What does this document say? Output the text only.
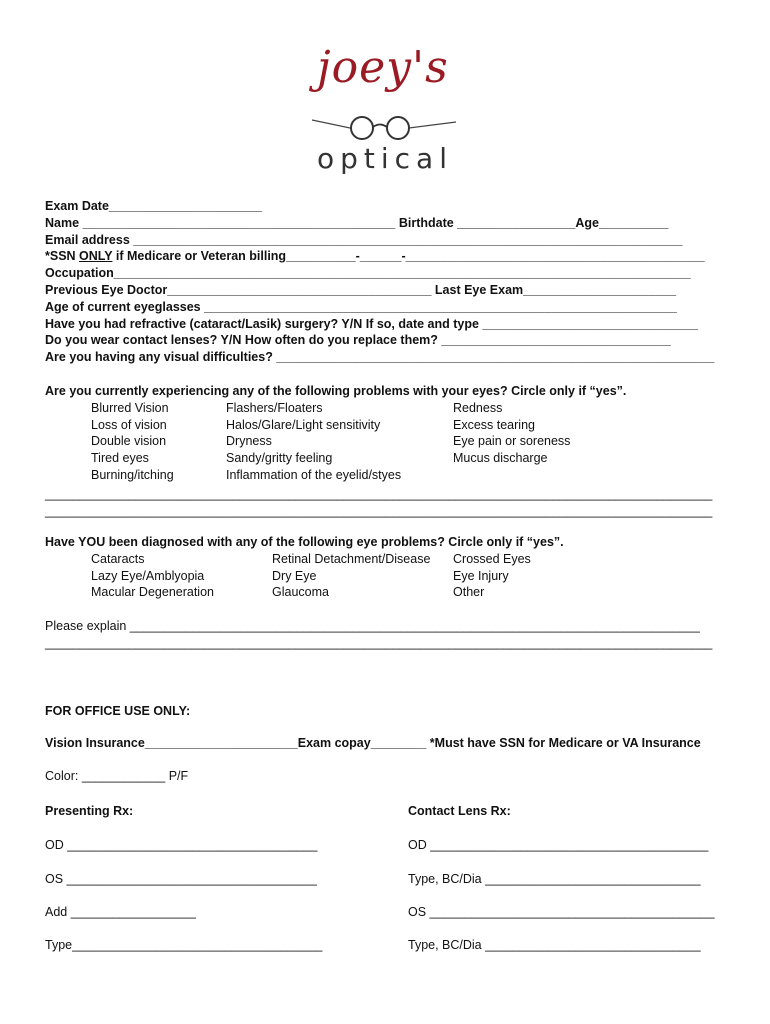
joey's
optical
Exam Date______________________
Name _____________________________________________ Birthdate _________________Age__________
Email address _______________________________________________________________________________
*SSN ONLY if Medicare or Veteran billing__________-______-___________________________________________
Occupation___________________________________________________________________________________
Previous Eye Doctor______________________________________ Last Eye Exam______________________
Age of current eyeglasses ____________________________________________________________________
Have you had refractive (cataract/Lasik) surgery? Y/N If so, date and type _______________________________
Do you wear contact lenses? Y/N How often do you replace them? _________________________________
Are you having any visual difficulties? _______________________________________________________________
Are you currently experiencing any of the following problems with your eyes? Circle only if “yes”.
Blurred Vision
Loss of vision
Double vision
Tired eyes
Burning/itching
Flashers/Floaters
Halos/Glare/Light sensitivity
Dryness
Sandy/gritty feeling
Inflammation of the eyelid/styes
Redness
Excess tearing
Eye pain or soreness
Mucus discharge
________________________________________________________________________________________________
________________________________________________________________________________________________
Have YOU been diagnosed with any of the following eye problems? Circle only if “yes”.
Cataracts
Lazy Eye/Amblyopia
Macular Degeneration
Retinal Detachment/Disease
Dry Eye
Glaucoma
Crossed Eyes
Eye Injury
Other
Please explain __________________________________________________________________________________
________________________________________________________________________________________________
FOR OFFICE USE ONLY:
Vision Insurance______________________Exam copay________ *Must have SSN for Medicare or VA Insurance
Color: ____________ P/F
Presenting Rx:	Contact Lens Rx:
OD ____________________________________
OS ____________________________________
Add __________________
Type____________________________________
OD ________________________________________
Type, BC/Dia _______________________________
OS _________________________________________
Type, BC/Dia _______________________________
